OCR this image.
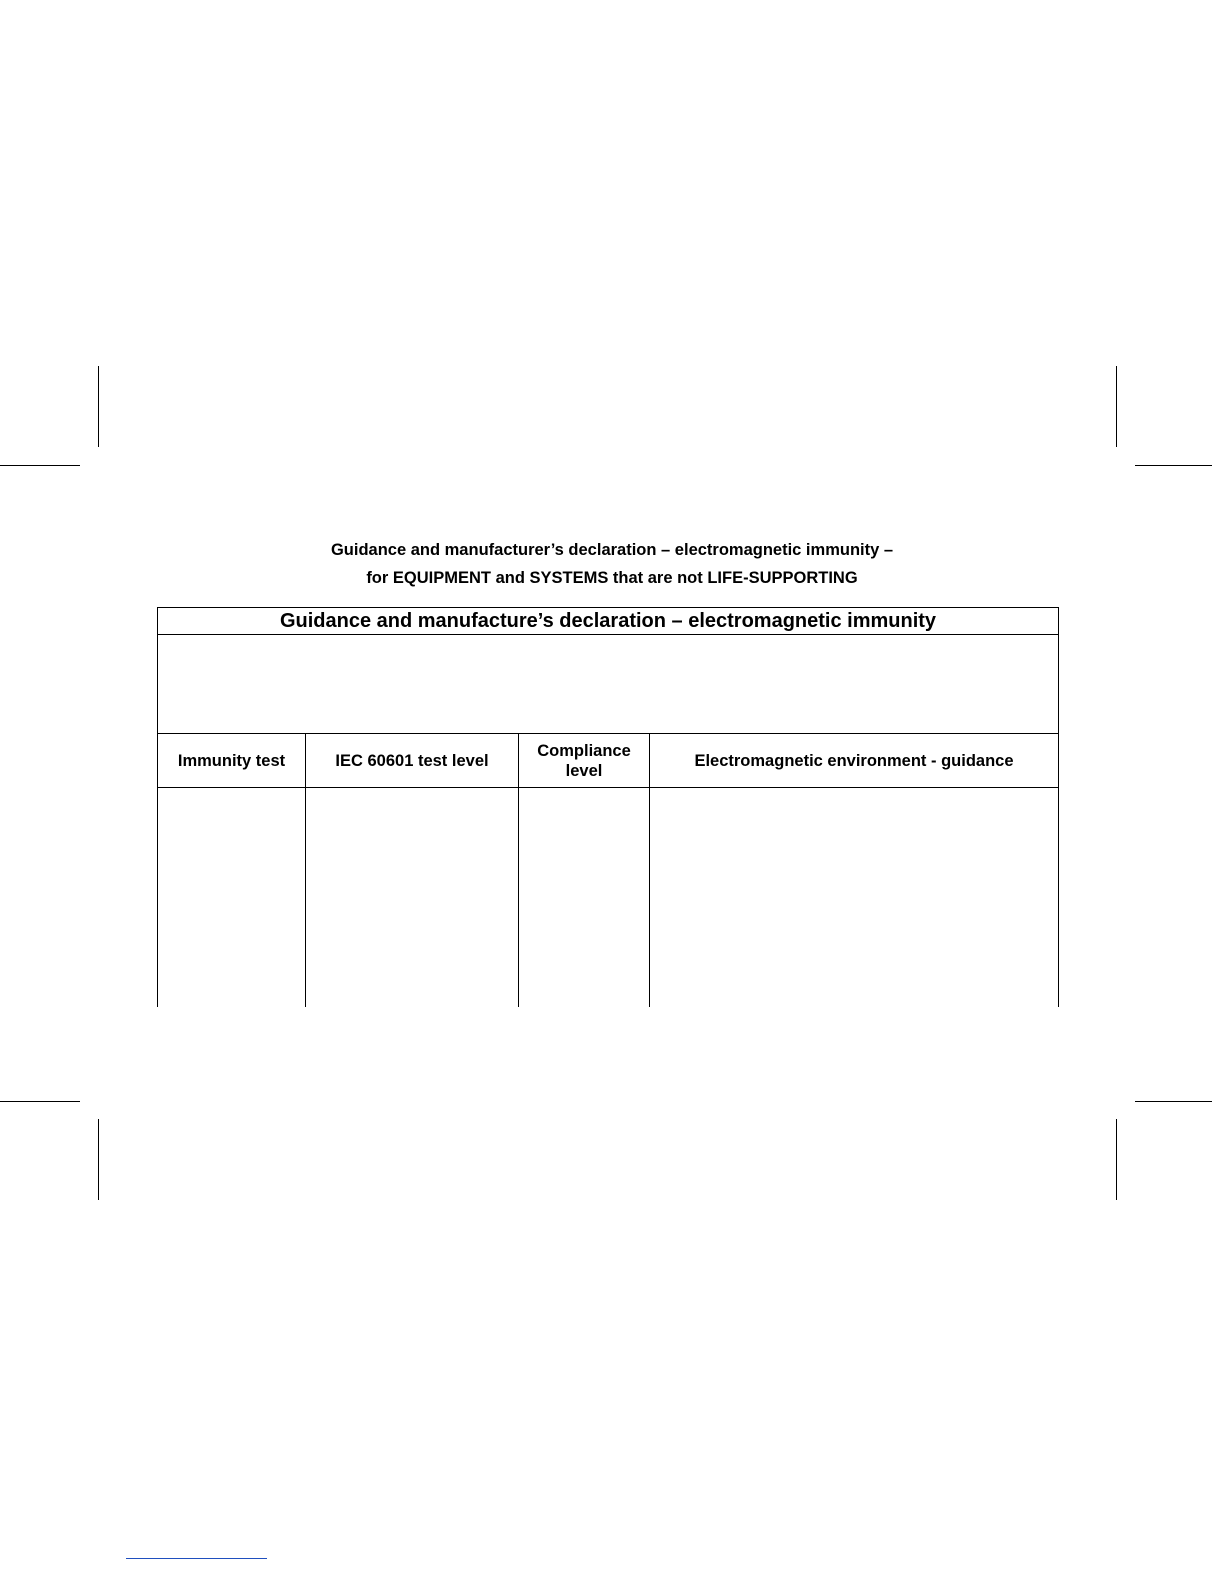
Guidance and manufacturer’s declaration – electromagnetic immunity –
for EQUIPMENT and SYSTEMS that are not LIFE-SUPPORTING
Guidance and manufacture’s declaration – electromagnetic immunity
Immunity test	IEC 60601 test level
Compliance level
Electromagnetic environment - guidance
